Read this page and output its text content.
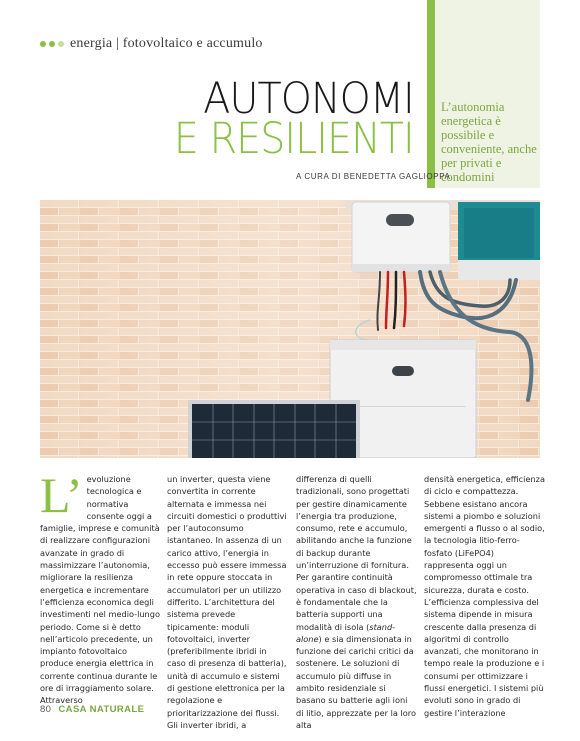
energia | fotovoltaico e accumulo
L’autonomia energetica è possibile e conveniente, anche per privati e condomini
AUTONOMI
E RESILIENTI
A CURA DI BENEDETTA GAGLIOPPA
L’ evoluzione tecnologica e normativa consente oggi a famiglie, imprese e comunità di realizzare configurazioni avanzate in grado di massimizzare l’autonomia, migliorare la resilienza energetica e incrementare l’efficienza economica degli investimenti nel medio-lungo periodo. Come si è detto nell’articolo precedente, un impianto fotovoltaico produce energia elettrica in corrente continua durante le ore di irraggiamento solare. Attraverso

un inverter, questa viene convertita in corrente alternata e immessa nei circuiti domestici o produttivi per l’autoconsumo istantaneo. In assenza di un carico attivo, l’energia in eccesso può essere immessa in rete oppure stoccata in accumulatori per un utilizzo differito. L’architettura del sistema prevede tipicamente: moduli fotovoltaici, inverter (preferibilmente ibridi in caso di presenza di batteria), unità di accumulo e sistemi di gestione elettronica per la regolazione e prioritarizzazione dei flussi. Gli inverter ibridi, a

differenza di quelli tradizionali, sono progettati per gestire dinamicamente l’energia tra produzione, consumo, rete e accumulo, abilitando anche la funzione di backup durante un’interruzione di fornitura. Per garantire continuità operativa in caso di blackout, è fondamentale che la batteria supporti una modalità di isola (stand-alone) e sia dimensionata in funzione dei carichi critici da sostenere. Le soluzioni di accumulo più diffuse in ambito residenziale si basano su batterie agli ioni di litio, apprezzate per la loro alta

densità energetica, efficienza di ciclo e compattezza. Sebbene esistano ancora sistemi a piombo e soluzioni emergenti a flusso o al sodio, la tecnologia litio-ferro-fosfato (LiFePO4) rappresenta oggi un compromesso ottimale tra sicurezza, durata e costo. L’efficienza complessiva del sistema dipende in misura crescente dalla presenza di algoritmi di controllo avanzati, che monitorano in tempo reale la produzione e i consumi per ottimizzare i flussi energetici. I sistemi più evoluti sono in grado di gestire l’interazione

80 CASA NATURALE
